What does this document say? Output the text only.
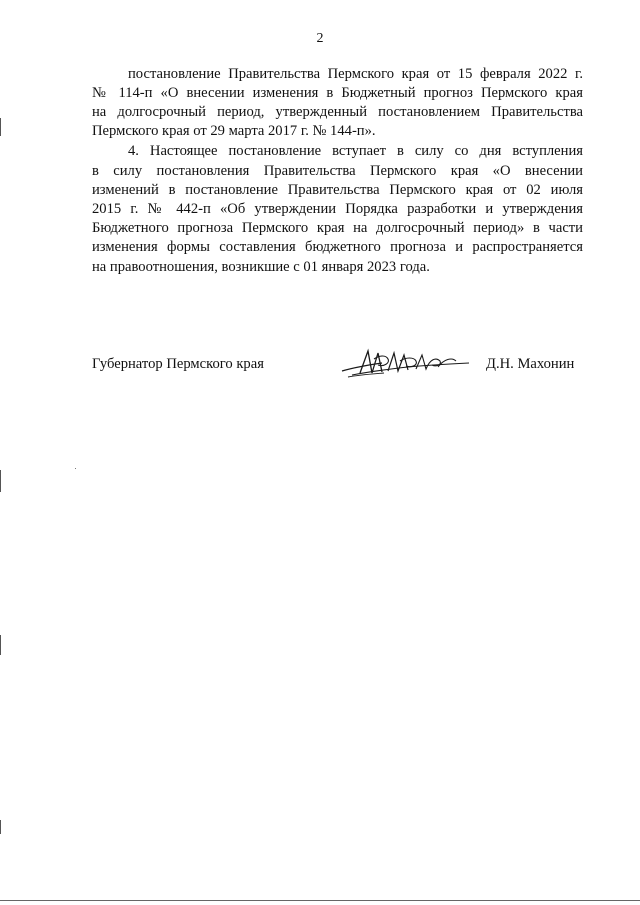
2
постановление Правительства Пермского края от 15 февраля 2022 г.
№ 114-п «О внесении изменения в Бюджетный прогноз Пермского края
на долгосрочный период, утвержденный постановлением Правительства
Пермского края от 29 марта 2017 г. № 144-п».
4. Настоящее постановление вступает в силу со дня вступления
в силу постановления Правительства Пермского края «О внесении
изменений в постановление Правительства Пермского края от 02 июля
2015 г. № 442-п «Об утверждении Порядка разработки и утверждения
Бюджетного прогноза Пермского края на долгосрочный период» в части
изменения формы составления бюджетного прогноза и распространяется
на правоотношения, возникшие с 01 января 2023 года.
Губернатор Пермского края	Д.Н. Махонин
